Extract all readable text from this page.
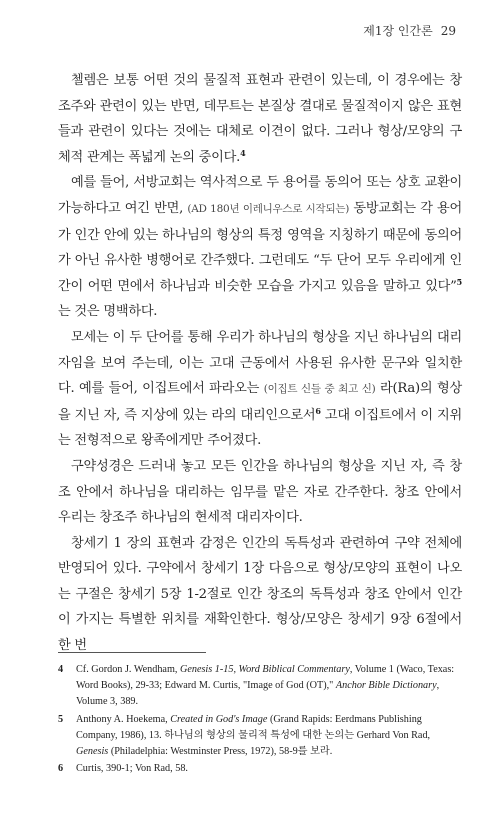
제1장 인간론 29

첼렘은 보통 어떤 것의 물질적 표현과 관련이 있는데, 이 경우에는 창조주와 관련이 있는 반면, 데무트는 본질상 결대로 물질적이지 않은 표현들과 관련이 있다는 것에는 대체로 이견이 없다. 그러나 형상/모양의 구체적 관계는 폭넓게 논의 중이다.$^4$

예를 들어, 서방교회는 역사적으로 두 용어를 동의어 또는 상호 교환이 가능하다고 여긴 반면, (AD 180년 이레니우스로 시작되는) 동방교회는 각 용어가 인간 안에 있는 하나님의 형상의 특정 영역을 지칭하기 때문에 동의어가 아닌 유사한 병행어로 간주했다. 그런데도 “두 단어 모두 우리에게 인간이 어떤 면에서 하나님과 비슷한 모습을 가지고 있음을 말하고 있다”$^5$는 것은 명백하다.

모세는 이 두 단어를 통해 우리가 하나님의 형상을 지닌 하나님의 대리자임을 보여 주는데, 이는 고대 근동에서 사용된 유사한 문구와 일치한다. 예를 들어, 이집트에서 파라오는 (이집트 신들 중 최고 신) 라(Ra)의 형상을 지닌 자, 즉 지상에 있는 라의 대리인으로서$^6$ 고대 이집트에서 이 지위는 전형적으로 왕족에게만 주어졌다.

구약성경은 드러내 놓고 모든 인간을 하나님의 형상을 지닌 자, 즉 창조 안에서 하나님을 대리하는 임무를 맡은 자로 간주한다. 창조 안에서 우리는 창조주 하나님의 현세적 대리자이다.

창세기 1 장의 표현과 감정은 인간의 독특성과 관련하여 구약 전체에 반영되어 있다. 구약에서 창세기 1장 다음으로 형상/모양의 표현이 나오는 구절은 창세기 5장 1-2절로 인간 창조의 독특성과 창조 안에서 인간이 가지는 특별한 위치를 재확인한다. 형상/모양은 창세기 9장 6절에서 한 번

4	Cf. Gordon J. Wendham, Genesis 1-15, Word Biblical Commentary, Volume 1 (Waco, Texas: Word Books), 29-33; Edward M. Curtis, "Image of God (OT)," Anchor Bible Dictionary, Volume 3, 389.
5	Anthony A. Hoekema, Created in God's Image (Grand Rapids: Eerdmans Publishing Company, 1986), 13. 하나님의 형상의 물리적 특성에 대한 논의는 Gerhard Von Rad, Genesis (Philadelphia: Westminster Press, 1972), 58-9를 보라.
6	Curtis, 390-1; Von Rad, 58.
